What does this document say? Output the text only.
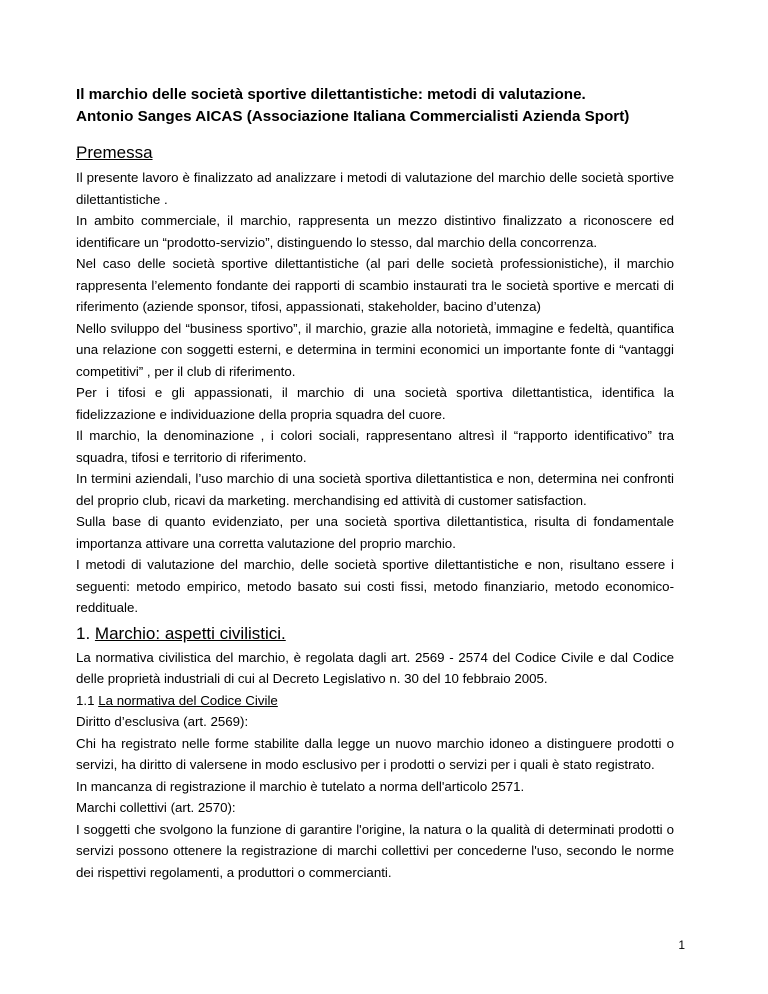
Il marchio delle società sportive dilettantistiche: metodi di valutazione.

Antonio Sanges AICAS (Associazione Italiana Commercialisti Azienda Sport)

Premessa

Il presente lavoro è finalizzato ad analizzare i metodi di valutazione del marchio delle società sportive dilettantistiche .

In ambito commerciale, il marchio, rappresenta un mezzo distintivo finalizzato a riconoscere ed identificare un “prodotto-servizio”, distinguendo lo stesso, dal marchio della concorrenza.

Nel caso delle società sportive dilettantistiche (al pari delle società professionistiche), il marchio rappresenta l’elemento fondante dei rapporti di scambio instaurati tra le società sportive e mercati di riferimento (aziende sponsor, tifosi, appassionati, stakeholder, bacino d’utenza)

Nello sviluppo del “business sportivo”, il marchio, grazie alla notorietà, immagine e fedeltà, quantifica una relazione con soggetti esterni, e determina in termini economici un importante fonte di “vantaggi competitivi” , per il club di riferimento.

Per i tifosi e gli appassionati, il marchio di una società sportiva dilettantistica, identifica la fidelizzazione e individuazione della propria squadra del cuore.

Il marchio, la denominazione , i colori sociali, rappresentano altresì il “rapporto identificativo” tra squadra, tifosi e territorio di riferimento.

In termini aziendali, l’uso marchio di una società sportiva dilettantistica e non, determina nei confronti del proprio club, ricavi da marketing. merchandising ed attività di customer satisfaction.

Sulla base di quanto evidenziato, per una società sportiva dilettantistica, risulta di fondamentale importanza attivare una corretta valutazione del proprio marchio.

I metodi di valutazione del marchio, delle società sportive dilettantistiche e non, risultano essere i seguenti: metodo empirico, metodo basato sui costi fissi, metodo finanziario, metodo economico-reddituale.

1. Marchio: aspetti civilistici.

La normativa civilistica del marchio, è regolata dagli art. 2569 - 2574 del Codice Civile e dal Codice delle proprietà industriali di cui al Decreto Legislativo n. 30 del 10 febbraio 2005.

1.1 La normativa del Codice Civile

Diritto d’esclusiva (art. 2569):

Chi ha registrato nelle forme stabilite dalla legge un nuovo marchio idoneo a distinguere prodotti o servizi, ha diritto di valersene in modo esclusivo per i prodotti o servizi per i quali è stato registrato.

In mancanza di registrazione il marchio è tutelato a norma dell'articolo 2571.

Marchi collettivi (art. 2570):

I soggetti che svolgono la funzione di garantire l'origine, la natura o la qualità di determinati prodotti o servizi possono ottenere la registrazione di marchi collettivi per concederne l'uso, secondo le norme dei rispettivi regolamenti, a produttori o commercianti.

1
